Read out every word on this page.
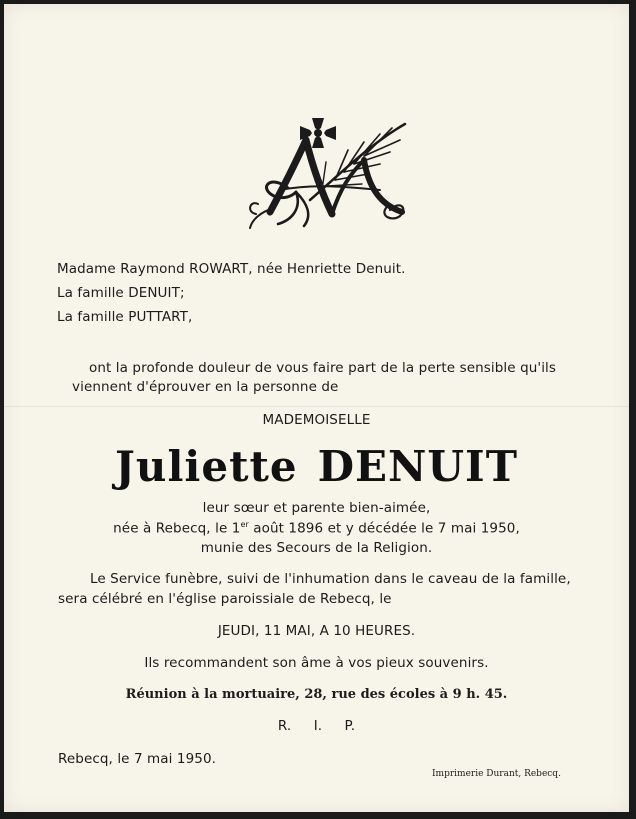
Madame Raymond ROWART, née Henriette Denuit.
La famille DENUIT;
La famille PUTTART,
ont la profonde douleur de vous faire part de la perte sensible qu'ils
viennent d'éprouver en la personne de
MADEMOISELLE
Juliette DENUIT
leur sœur et parente bien-aimée,
née à Rebecq, le 1er août 1896 et y décédée le 7 mai 1950,
munie des Secours de la Religion.
Le Service funèbre, suivi de l'inhumation dans le caveau de la famille,
sera célébré en l'église paroissiale de Rebecq, le
JEUDI, 11 MAI, A 10 HEURES.
Ils recommandent son âme à vos pieux souvenirs.
Réunion à la mortuaire, 28, rue des écoles à 9 h. 45.
R. I. P.
Rebecq, le 7 mai 1950.
Imprimerie Durant, Rebecq.
